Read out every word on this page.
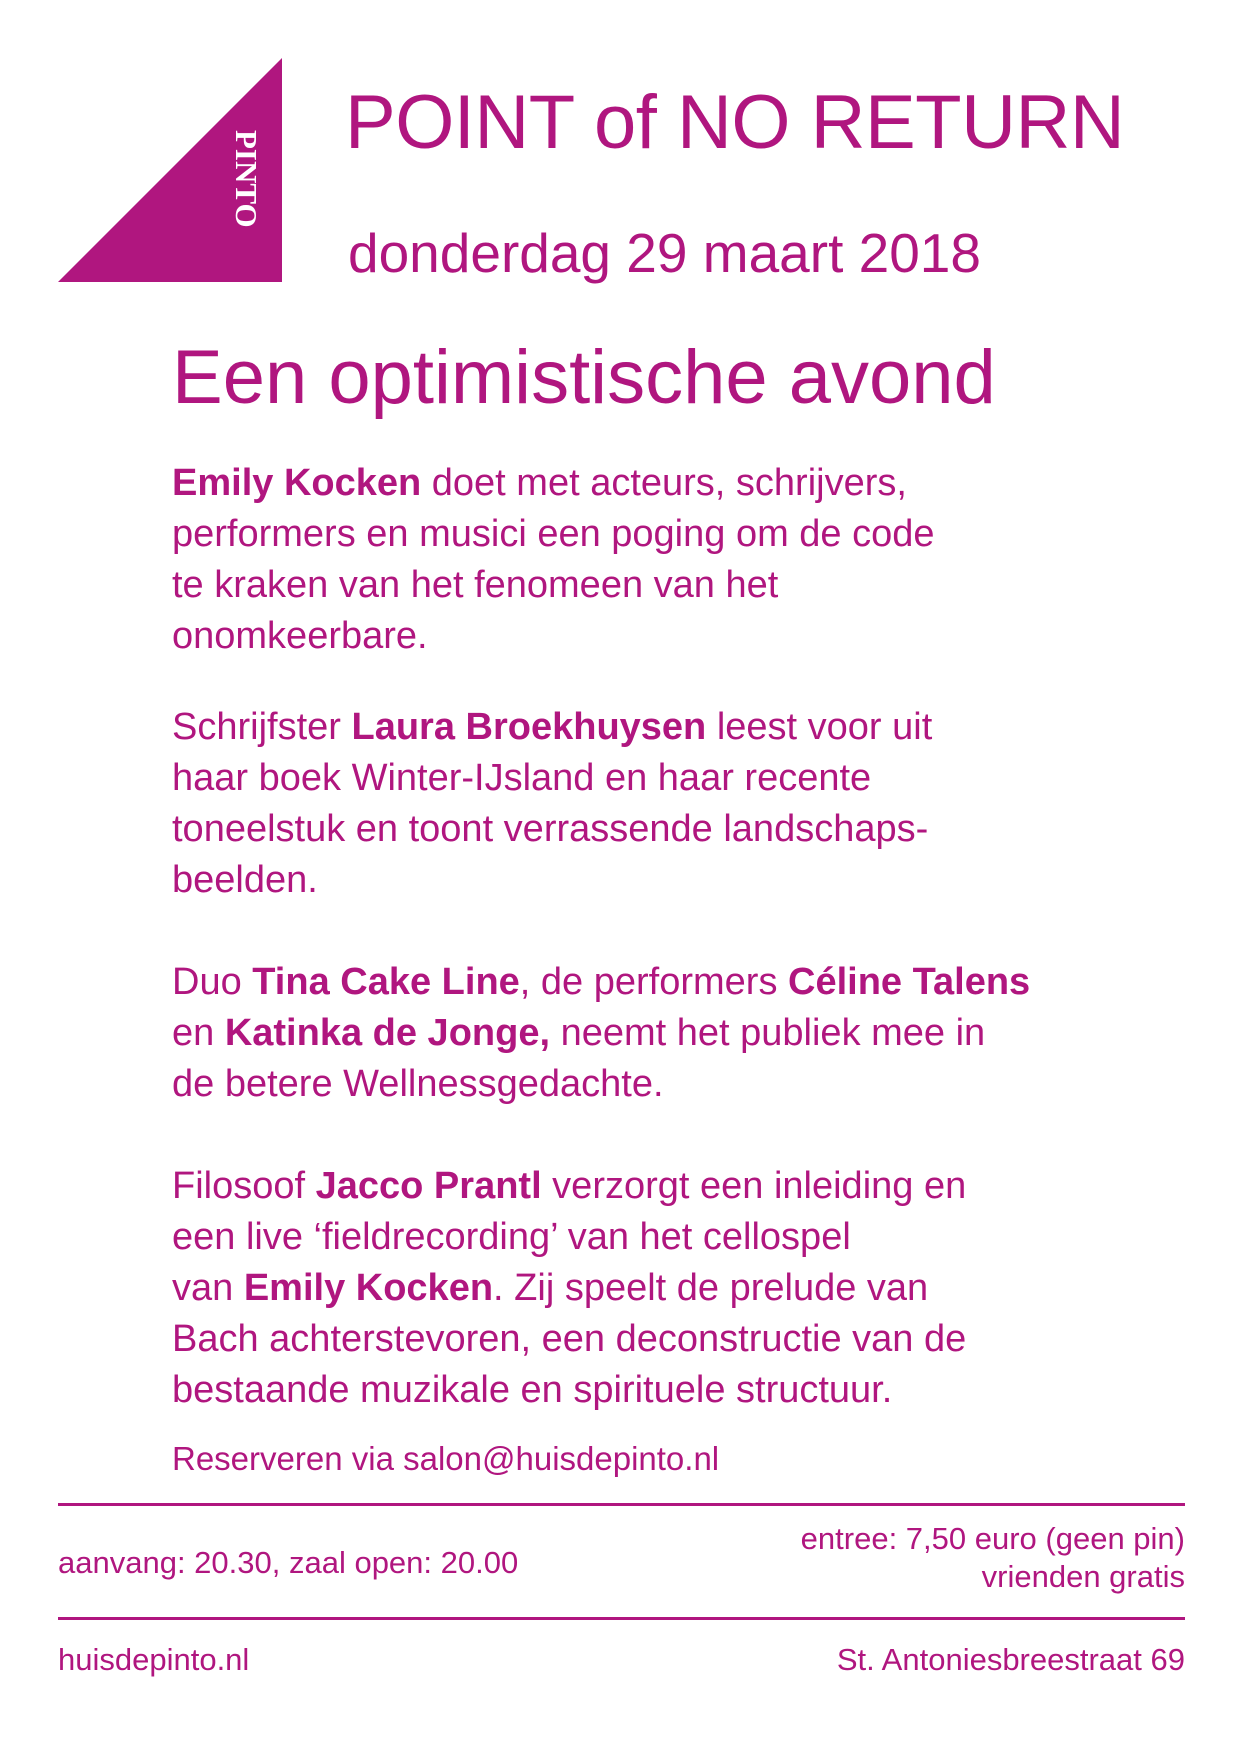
PINTO
POINT of NO RETURN
donderdag 29 maart 2018
Een optimistische avond

Emily Kocken doet met acteurs, schrijvers,
performers en musici een poging om de code
te kraken van het fenomeen van het
onomkeerbare.

Schrijfster Laura Broekhuysen leest voor uit
haar boek Winter-IJsland en haar recente
toneelstuk en toont verrassende landschaps-
beelden.

Duo Tina Cake Line, de performers Céline Talens
en Katinka de Jonge, neemt het publiek mee in
de betere Wellnessgedachte.

Filosoof Jacco Prantl verzorgt een inleiding en
een live ‘fieldrecording’ van het cellospel
van Emily Kocken. Zij speelt de prelude van
Bach achterstevoren, een deconstructie van de
bestaande muzikale en spirituele structuur.

Reserveren via salon@huisdepinto.nl
aanvang: 20.30, zaal open: 20.00
entree: 7,50 euro (geen pin)
vrienden gratis
huisdepinto.nl	St. Antoniesbreestraat 69
